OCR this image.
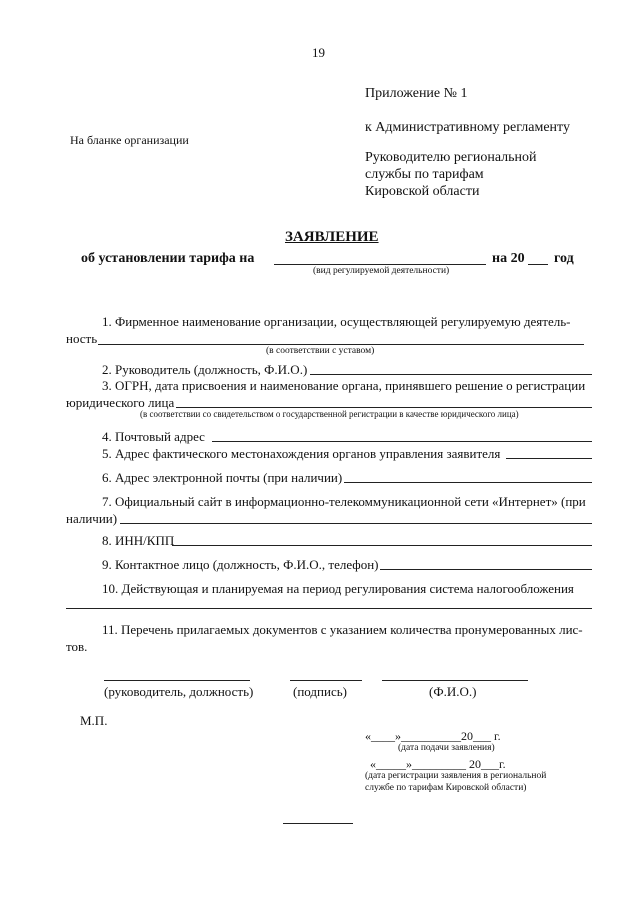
19
Приложение № 1
к Административному регламенту
На бланке организации
Руководителю региональной
службы по тарифам
Кировской области
ЗАЯВЛЕНИЕ
об установлении тарифа на	на 20 год
(вид регулируемой деятельности)
1. Фирменное наименование организации, осуществляющей регулируемую деятель-
ность
(в соответствии с уставом)
2. Руководитель (должность, Ф.И.О.)
3. ОГРН, дата присвоения и наименование органа, принявшего решение о регистрации
юридического лица
(в соответствии со свидетельством о государственной регистрации в качестве юридического лица)
4. Почтовый адрес
5. Адрес фактического местонахождения органов управления заявителя
6. Адрес электронной почты (при наличии)
7. Официальный сайт в информационно-телекоммуникационной сети «Интернет» (при
наличии)
8. ИНН/КПП
9. Контактное лицо (должность, Ф.И.О., телефон)
10. Действующая и планируемая на период регулирования система налогообложения
11. Перечень прилагаемых документов с указанием количества пронумерованных лис-
тов.
(руководитель, должность)	(подпись)	(Ф.И.О.)
М.П.
«____»__________20___ г.
(дата подачи заявления)
«_____»_________ 20___г.
(дата регистрации заявления в региональной
службе по тарифам Кировской области)
